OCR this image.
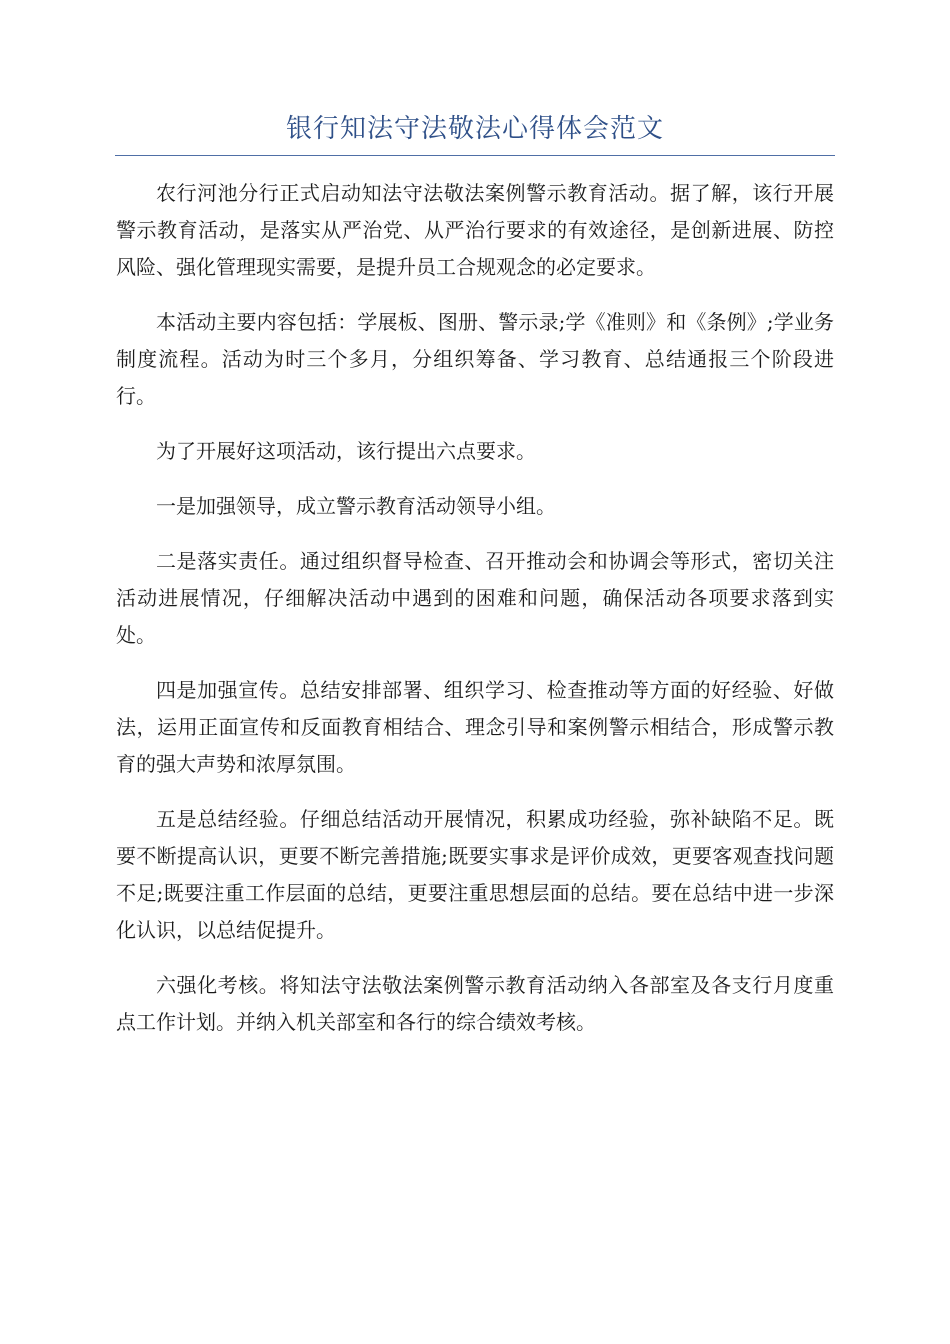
银行知法守法敬法心得体会范文

农行河池分行正式启动知法守法敬法案例警示教育活动。据了解，该行开展警示教育活动，是落实从严治党、从严治行要求的有效途径，是创新进展、防控风险、强化管理现实需要，是提升员工合规观念的必定要求。

本活动主要内容包括：学展板、图册、警示录;学《准则》和《条例》;学业务制度流程。活动为时三个多月，分组织筹备、学习教育、总结通报三个阶段进行。

为了开展好这项活动，该行提出六点要求。

一是加强领导，成立警示教育活动领导小组。

二是落实责任。通过组织督导检查、召开推动会和协调会等形式，密切关注活动进展情况，仔细解决活动中遇到的困难和问题，确保活动各项要求落到实处。

四是加强宣传。总结安排部署、组织学习、检查推动等方面的好经验、好做法，运用正面宣传和反面教育相结合、理念引导和案例警示相结合，形成警示教育的强大声势和浓厚氛围。

五是总结经验。仔细总结活动开展情况，积累成功经验，弥补缺陷不足。既要不断提高认识，更要不断完善措施;既要实事求是评价成效，更要客观查找问题不足;既要注重工作层面的总结，更要注重思想层面的总结。要在总结中进一步深化认识，以总结促提升。

六强化考核。将知法守法敬法案例警示教育活动纳入各部室及各支行月度重点工作计划。并纳入机关部室和各行的综合绩效考核。
